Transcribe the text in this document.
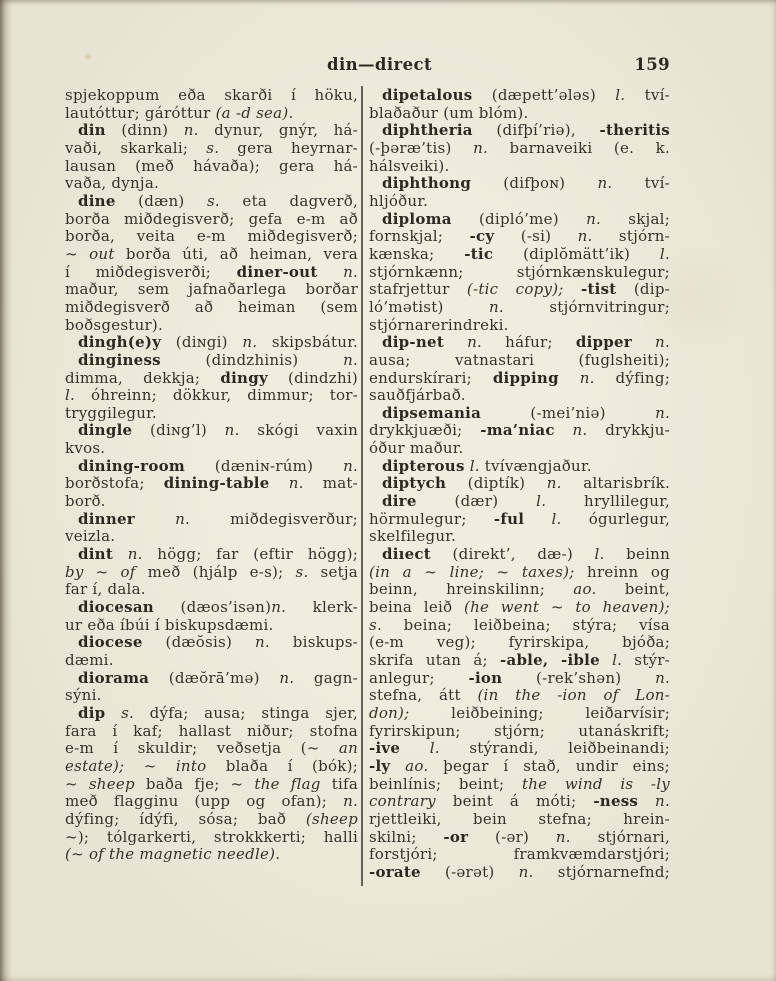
din—direct	159
spjekoppum eða skarði í höku,
lautóttur; gáróttur (a -d sea).
din (dinn) n. dynur, gnýr, há-
vaði, skarkali; s. gera heyrnar-
lausan (með hávaða); gera há-
vaða, dynja.
dine (dæn) s. eta dagverð,
borða miðdegisverð; gefa e-m að
borða, veita e-m miðdegisverð;
~ out borða úti, að heiman, vera
í miðdegisverði; diner-out n.
maður, sem jafnaðarlega borðar
miðdegisverð að heiman (sem
boðsgestur).
dingh(e)y (diɴgi) n. skipsbátur.
dinginess (dindzhinis) n.
dimma, dekkja; dingy (dindzhi)
l. óhreinn; dökkur, dimmur; tor-
tryggilegur.
dingle (diɴg’l) n. skógi vaxin
kvos.
dining-room (dæniɴ-rúm) n.
borðstofa; dining-table n. mat-
borð.
dinner	n. miðdegisverður;
veizla.
dint n. högg; far (eftir högg);
by ~ of með (hjálp e-s); s. setja
far í, dala.
diocesan (dæos’isən)n. klerk-
ur eða íbúi í biskupsdæmi.
diocese (dæŏsis) n. biskups-
dæmi.
diorama (dæŏrā’mə) n. gagn-
sýni.
dip s. dýfa; ausa; stinga sjer,
fara í kaf; hallast niður; stofna
e-m í skuldir; veðsetja (~ an
estate); ~ into blaða í (bók);
~ sheep baða fje; ~ the flag tifa
með flagginu (upp og ofan); n.
dýfing; ídýfi, sósa; bað (sheep
~); tólgarkerti, strokkkerti; halli
(~ of the magnetic needle).
dipetalous (dæpett’ələs) l. tví-
blaðaður (um blóm).
diphtheria (difþí’riə), -theritis
(-þəræ’tis) n. barnaveiki (e. k.
hálsveiki).
diphthong (difþoɴ) n. tví-
hljóður.
diploma (dipló’me) n. skjal;
fornskjal; -cy (-si) n. stjórn-
kænska; -tic (diplŏmätt’ik) l.
stjórnkænn; stjórnkænskulegur;
stafrjettur (-tic copy); -tist (dip-
ló’mətist) n. stjórnvitringur;
stjórnarerindreki.
dip-net n. háfur; dipper n.
ausa; vatnastari (fuglsheiti);
endurskírari; dipping n. dýfing;
sauðfjárbað.
dipsemania (-mei’niə) n.
drykkjuæði; -ma’niac n. drykkju-
óður maður.
dipterous l. tvívængjaður.
diptych (diptík) n. altarisbrík.
dire (dær) l. hryllilegur,
hörmulegur; -ful l. ógurlegur,
skelfilegur.
diıect (direkt’, dæ-) l. beinn
(in a ~ line; ~ taxes); hreinn og
beinn, hreinskilinn; ao. beint,
beina leið (he went ~ to heaven);
s. beina; leiðbeina; stýra; vísa
(e-m veg); fyrirskipa, bjóða;
skrifa utan á; -able, -ible l. stýr-
anlegur; -ion (-rek’shən) n.
stefna, átt (in the -ion of Lon-
don); leiðbeining; leiðarvísir;
fyrirskipun; stjórn; utanáskrift;
-ive l. stýrandi, leiðbeinandi;
-ly ao. þegar í stað, undir eins;
beinlínis; beint; the wind is -ly
contrary beint á móti; -ness n.
rjettleiki, bein stefna; hrein-
skilni; -or (-ər) n. stjórnari,
forstjóri; framkvæmdarstjóri;
-orate (-ərət) n. stjórnarnefnd;
